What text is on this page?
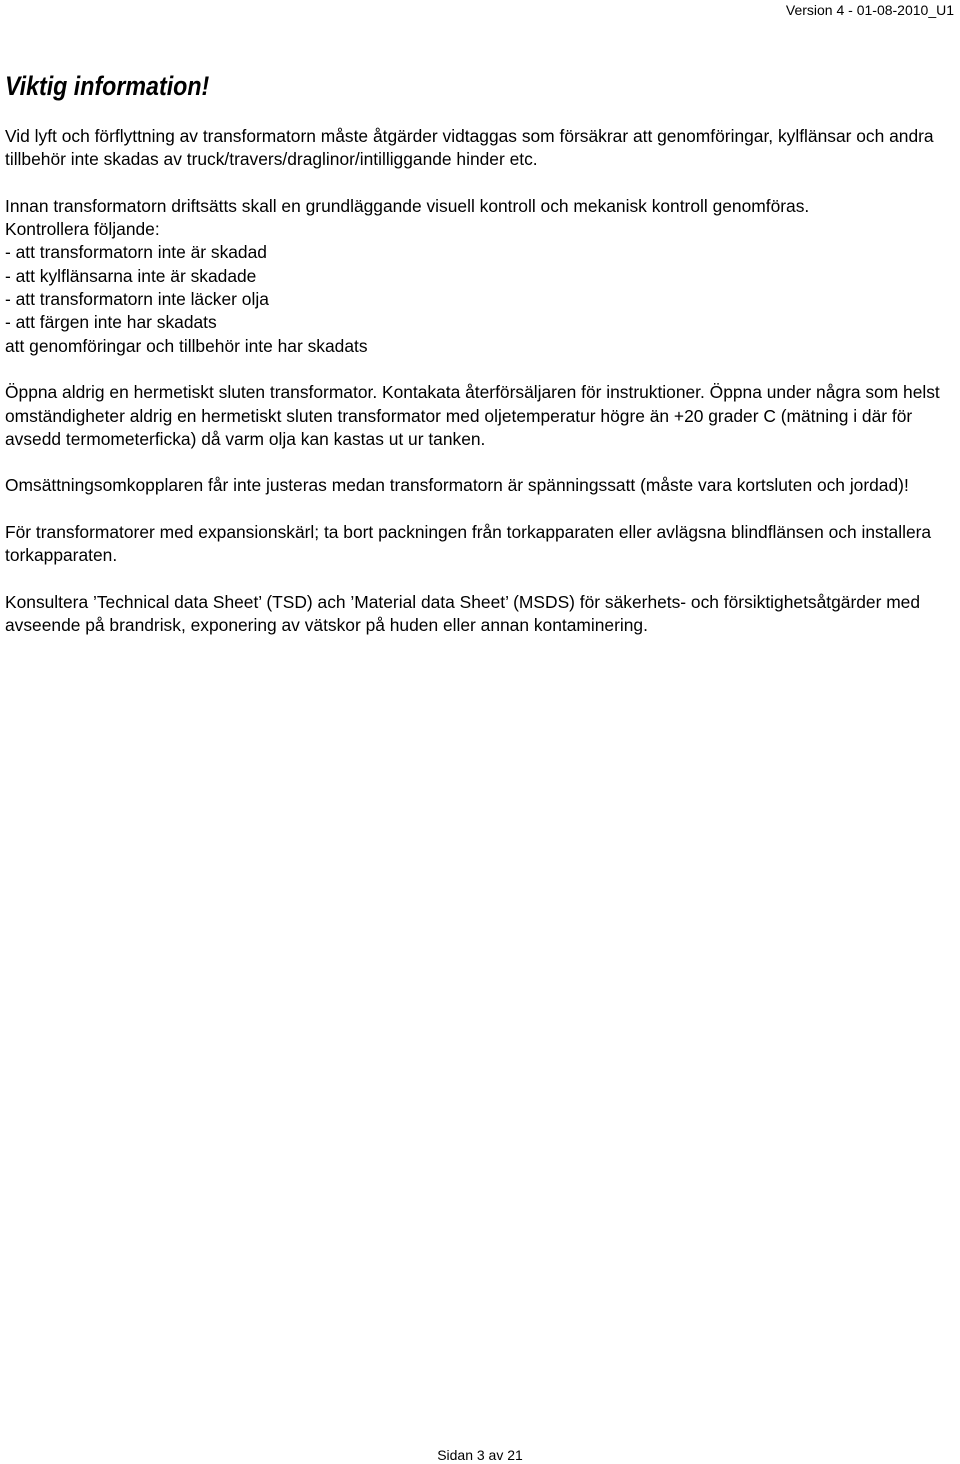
Version 4 - 01-08-2010_U1
Viktig information!

Vid lyft och förflyttning av transformatorn måste åtgärder vidtaggas som försäkrar att genomföringar, kylflänsar och andra tillbehör inte skadas av truck/travers/draglinor/intilliggande hinder etc.

Innan transformatorn driftsätts skall en grundläggande visuell kontroll och mekanisk kontroll genomföras.
Kontrollera följande:
- att transformatorn inte är skadad
- att kylflänsarna inte är skadade
- att transformatorn inte läcker olja
- att färgen inte har skadats
att genomföringar och tillbehör inte har skadats

Öppna aldrig en hermetiskt sluten transformator. Kontakata återförsäljaren för instruktioner. Öppna under några som helst omständigheter aldrig en hermetiskt sluten transformator med oljetemperatur högre än +20 grader C (mätning i där för avsedd termometerficka) då varm olja kan kastas ut ur tanken.

Omsättningsomkopplaren får inte justeras medan transformatorn är spänningssatt (måste vara kortsluten och jordad)!

För transformatorer med expansionskärl; ta bort packningen från torkapparaten eller avlägsna blindflänsen och installera torkapparaten.

Konsultera ’Technical data Sheet’ (TSD) ach ’Material data Sheet’ (MSDS) för säkerhets- och försiktighetsåtgärder med avseende på brandrisk, exponering av vätskor på huden eller annan kontaminering.

Sidan 3 av 21
